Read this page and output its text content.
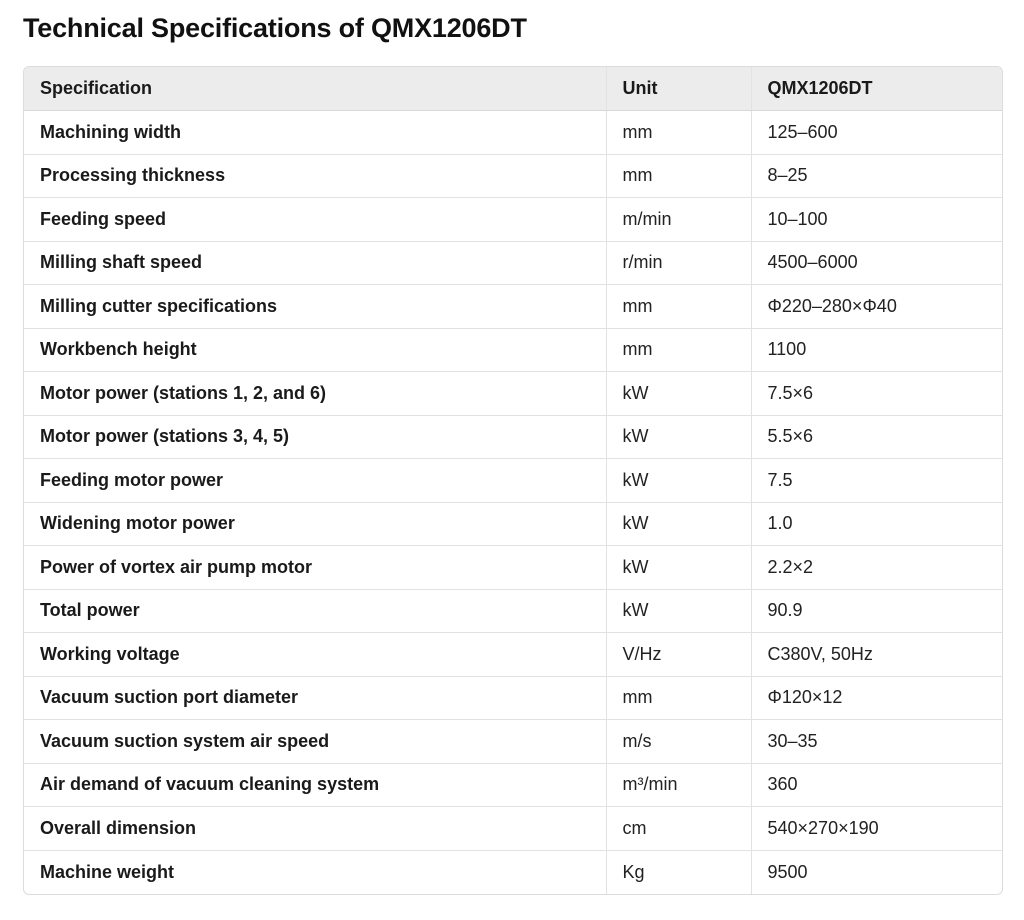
Technical Specifications of QMX1206DT
Specification	Unit	QMX1206DT
Machining width	mm	125–600
Processing thickness	mm	8–25
Feeding speed	m/min	10–100
Milling shaft speed	r/min	4500–6000
Milling cutter specifications	mm	Φ220–280×Φ40
Workbench height	mm	1100
Motor power (stations 1, 2, and 6)	kW	7.5×6
Motor power (stations 3, 4, 5)	kW	5.5×6
Feeding motor power	kW	7.5
Widening motor power	kW	1.0
Power of vortex air pump motor	kW	2.2×2
Total power	kW	90.9
Working voltage	V/Hz	C380V, 50Hz
Vacuum suction port diameter	mm	Φ120×12
Vacuum suction system air speed	m/s	30–35
Air demand of vacuum cleaning system	m³/min	360
Overall dimension	cm	540×270×190
Machine weight	Kg	9500
